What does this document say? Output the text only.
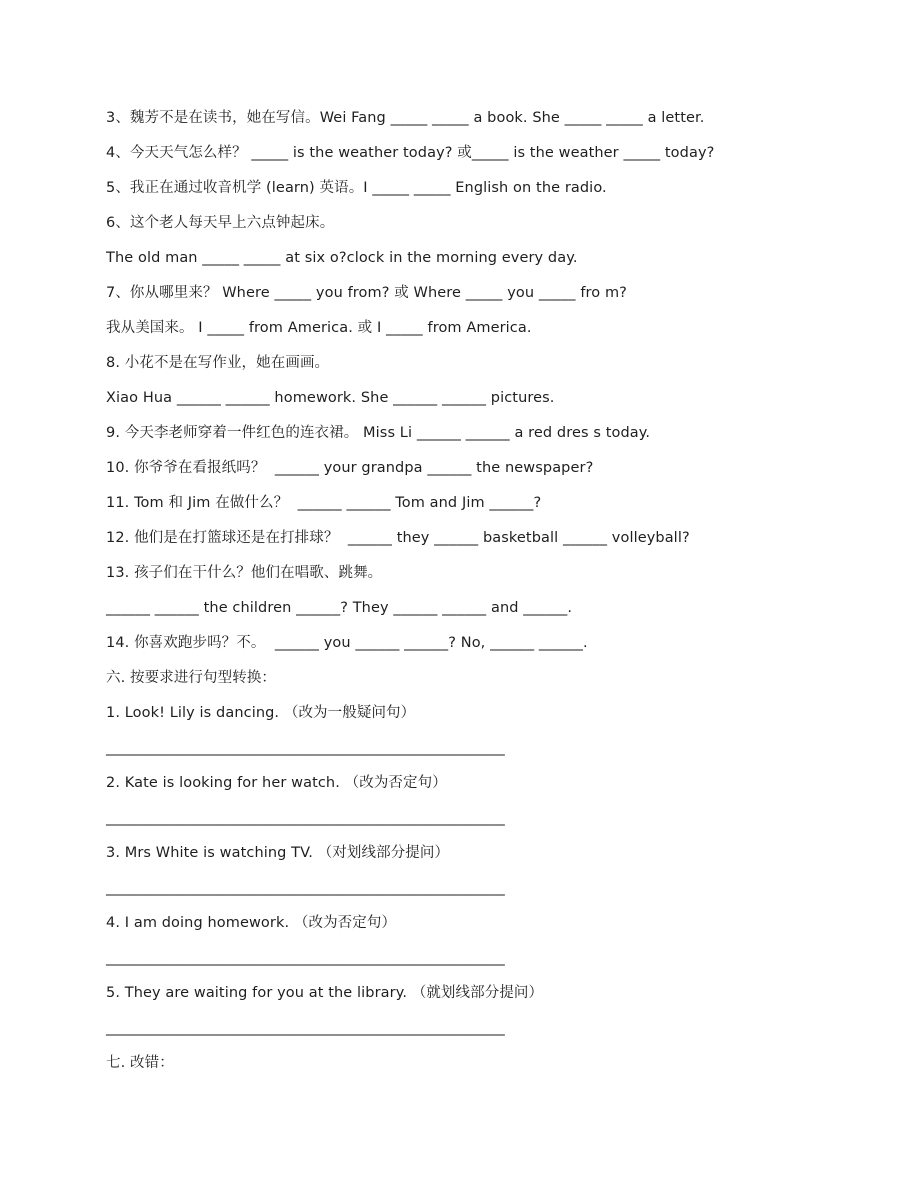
3、魏芳不是在读书，她在写信。Wei Fang _____ _____ a book. She _____ _____ a letter.

4、今天天气怎么样？ _____ is the weather today? 或_____ is the weather _____ today?

5、我正在通过收音机学 (learn) 英语。I _____ _____ English on the radio.

6、这个老人每天早上六点钟起床。

The old man _____ _____ at six o?clock in the morning every day.

7、你从哪里来？ Where _____ you from? 或 Where _____ you _____ fro m?

我从美国来。 I _____ from America. 或 I _____ from America.

8. 小花不是在写作业，她在画画。

Xiao Hua ______ ______ homework. She ______ ______ pictures.

9. 今天李老师穿着一件红色的连衣裙。 Miss Li ______ ______ a red dres s today.

10. 你爷爷在看报纸吗？  ______ your grandpa ______ the newspaper?

11. Tom 和 Jim 在做什么？  ______ ______ Tom and Jim ______?

12. 他们是在打篮球还是在打排球？  ______ they ______ basketball ______ volleyball?

13. 孩子们在干什么？他们在唱歌、跳舞。

______ ______ the children ______? They ______ ______ and ______.

14. 你喜欢跑步吗？不。  ______ you ______ ______? No, ______ ______.

六. 按要求进行句型转换：

1. Look! Lily is dancing. （改为一般疑问句）

_______________________________________________________

2. Kate is looking for her watch. （改为否定句）

_______________________________________________________

3. Mrs White is watching TV. （对划线部分提问）

_______________________________________________________

4. I am doing homework. （改为否定句）

_______________________________________________________

5. They are waiting for you at the library. （就划线部分提问）

_______________________________________________________

七. 改错：
